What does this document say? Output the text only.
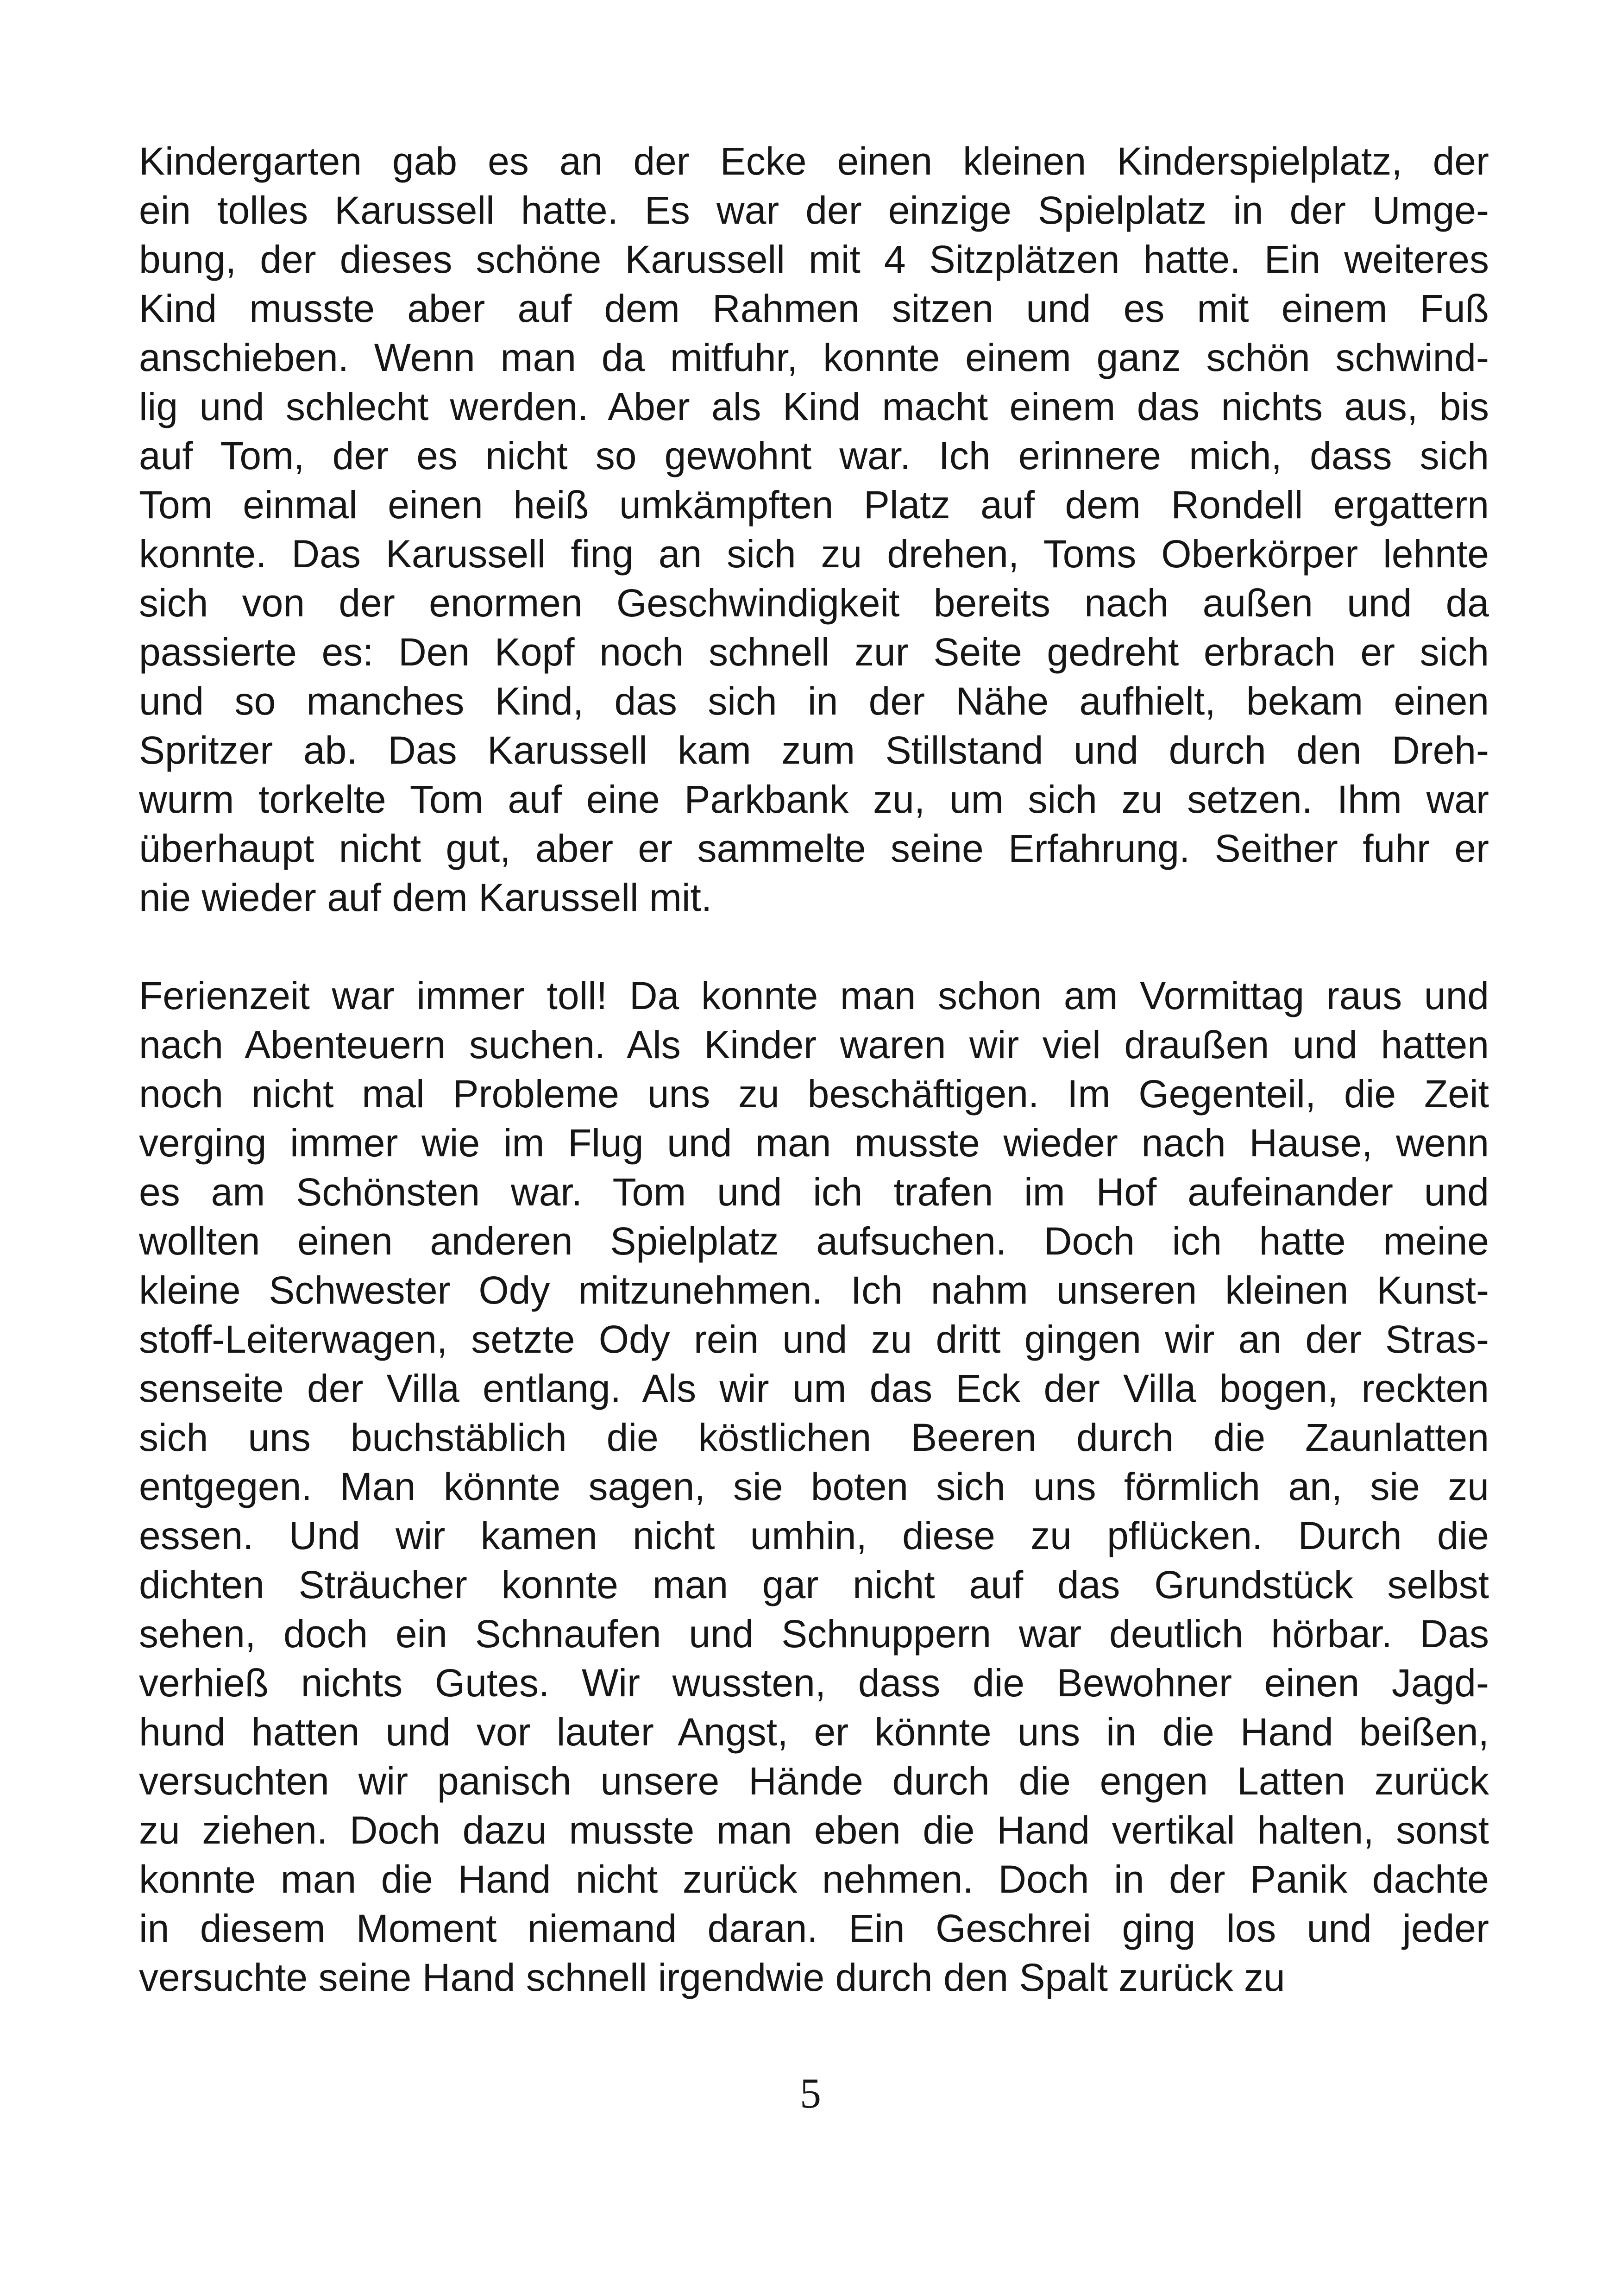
Kindergarten gab es an der Ecke einen kleinen Kinderspielplatz, der
ein tolles Karussell hatte. Es war der einzige Spielplatz in der Umge-
bung, der dieses schöne Karussell mit 4 Sitzplätzen hatte. Ein weiteres
Kind musste aber auf dem Rahmen sitzen und es mit einem Fuß
anschieben. Wenn man da mitfuhr, konnte einem ganz schön schwind-
lig und schlecht werden. Aber als Kind macht einem das nichts aus, bis
auf Tom, der es nicht so gewohnt war. Ich erinnere mich, dass sich
Tom einmal einen heiß umkämpften Platz auf dem Rondell ergattern
konnte. Das Karussell fing an sich zu drehen, Toms Oberkörper lehnte
sich von der enormen Geschwindigkeit bereits nach außen und da
passierte es: Den Kopf noch schnell zur Seite gedreht erbrach er sich
und so manches Kind, das sich in der Nähe aufhielt, bekam einen
Spritzer ab. Das Karussell kam zum Stillstand und durch den Dreh-
wurm torkelte Tom auf eine Parkbank zu, um sich zu setzen. Ihm war
überhaupt nicht gut, aber er sammelte seine Erfahrung. Seither fuhr er
nie wieder auf dem Karussell mit.
Ferienzeit war immer toll! Da konnte man schon am Vormittag raus und
nach Abenteuern suchen. Als Kinder waren wir viel draußen und hatten
noch nicht mal Probleme uns zu beschäftigen. Im Gegenteil, die Zeit
verging immer wie im Flug und man musste wieder nach Hause, wenn
es am Schönsten war. Tom und ich trafen im Hof aufeinander und
wollten einen anderen Spielplatz aufsuchen. Doch ich hatte meine
kleine Schwester Ody mitzunehmen. Ich nahm unseren kleinen Kunst-
stoff-Leiterwagen, setzte Ody rein und zu dritt gingen wir an der Stras-
senseite der Villa entlang. Als wir um das Eck der Villa bogen, reckten
sich uns buchstäblich die köstlichen Beeren durch die Zaunlatten
entgegen. Man könnte sagen, sie boten sich uns förmlich an, sie zu
essen. Und wir kamen nicht umhin, diese zu pflücken. Durch die
dichten Sträucher konnte man gar nicht auf das Grundstück selbst
sehen, doch ein Schnaufen und Schnuppern war deutlich hörbar. Das
verhieß nichts Gutes. Wir wussten, dass die Bewohner einen Jagd-
hund hatten und vor lauter Angst, er könnte uns in die Hand beißen,
versuchten wir panisch unsere Hände durch die engen Latten zurück
zu ziehen. Doch dazu musste man eben die Hand vertikal halten, sonst
konnte man die Hand nicht zurück nehmen. Doch in der Panik dachte
in diesem Moment niemand daran. Ein Geschrei ging los und jeder
versuchte seine Hand schnell irgendwie durch den Spalt zurück zu
5
